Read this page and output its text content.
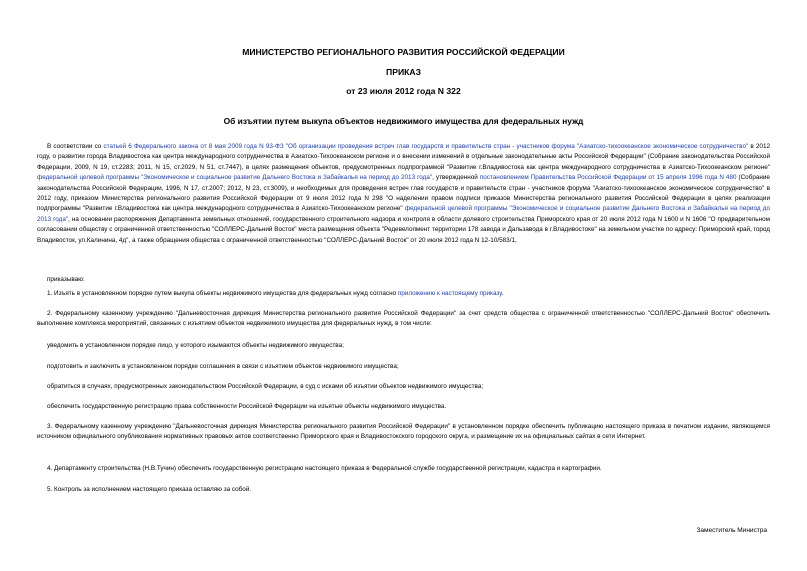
МИНИСТЕРСТВО РЕГИОНАЛЬНОГО РАЗВИТИЯ РОССИЙСКОЙ ФЕДЕРАЦИИ
ПРИКАЗ
от 23 июля 2012 года N 322
Об изъятии путем выкупа объектов недвижимого имущества для федеральных нужд
В соответствии со статьей 6 Федерального закона от 8 мая 2009 года N 93-ФЗ "Об организации проведения встреч глав государств и правительств стран - участников форума "Азиатско-тихоокеанское экономическое сотрудничество" в 2012 году, о развитии города Владивостока как центра международного сотрудничества в Азиатско-Тихоокеанском регионе и о внесении изменений в отдельные законодательные акты Российской Федерации" (Собрание законодательства Российской Федерации, 2009, N 19, ст.2283; 2011, N 15, ст.2029, N 51, ст.7447), в целях размещения объектов, предусмотренных подпрограммой "Развитие г.Владивостока как центра международного сотрудничества в Азиатско-Тихоокеанском регионе" федеральной целевой программы "Экономическое и социальное развитие Дальнего Востока и Забайкалья на период до 2013 года", утвержденной постановлением Правительства Российской Федерации от 15 апреля 1996 года N 480 (Собрание законодательства Российской Федерации, 1996, N 17, ст.2007; 2012, N 23, ст.3009), и необходимых для проведения встреч глав государств и правительств стран - участников форума "Азиатско-тихоокеанское экономическое сотрудничество" в 2012 году, приказом Министерства регионального развития Российской Федерации от 9 июля 2012 года N 298 "О наделении правом подписи приказов Министерства регионального развития Российской Федерации в целях реализации подпрограммы "Развитие г.Владивостока как центра международного сотрудничества в Азиатско-Тихоокеанском регионе" федеральной целевой программы "Экономическое и социальное развитие Дальнего Востока и Забайкалья на период до 2013 года", на основании распоряжения Департамента земельных отношений, государственного строительного надзора и контроля в области долевого строительства Приморского края от 20 июля 2012 года N 1600 и N 1606 "О предварительном согласовании обществу с ограниченной ответственностью "СОЛЛЕРС-Дальний Восток" места размещения объекта "Редевелопмент территории 178 завода и Дальзавода в г.Владивостоке" на земельном участке по адресу: Приморский край, город Владивосток, ул.Калинина, 4д", а также обращения общества с ограниченной ответственностью "СОЛЛЕРС-Дальний Восток" от 20 июля 2012 года N 12-10/583/1,
приказываю:
1. Изъять в установленном порядке путем выкупа объекты недвижимого имущества для федеральных нужд согласно приложению к настоящему приказу.
2. Федеральному казенному учреждению "Дальневосточная дирекция Министерства регионального развития Российской Федерации" за счет средств общества с ограниченной ответственностью "СОЛЛЕРС-Дальний Восток" обеспечить выполнение комплекса мероприятий, связанных с изъятием объектов недвижимого имущества для федеральных нужд, в том числе:
уведомить в установленном порядке лицо, у которого изымаются объекты недвижимого имущества;
подготовить и заключить в установленном порядке соглашения в связи с изъятием объектов недвижимого имущества;
обратиться в случаях, предусмотренных законодательством Российской Федерации, в суд с исками об изъятии объектов недвижимого имущества;
обеспечить государственную регистрацию права собственности Российской Федерации на изъятые объекты недвижимого имущества.
3. Федеральному казенному учреждению "Дальневосточная дирекция Министерства регионального развития Российской Федерации" в установленном порядке обеспечить публикацию настоящего приказа в печатном издании, являющемся источником официального опубликования нормативных правовых актов соответственно Приморского края и Владивостокского городского округа, и размещение их на официальных сайтах в сети Интернет.
4. Департаменту строительства (Н.В.Тучин) обеспечить государственную регистрацию настоящего приказа в Федеральной службе государственной регистрации, кадастра и картографии.
5. Контроль за исполнением настоящего приказа оставляю за собой.
Заместитель Министра
